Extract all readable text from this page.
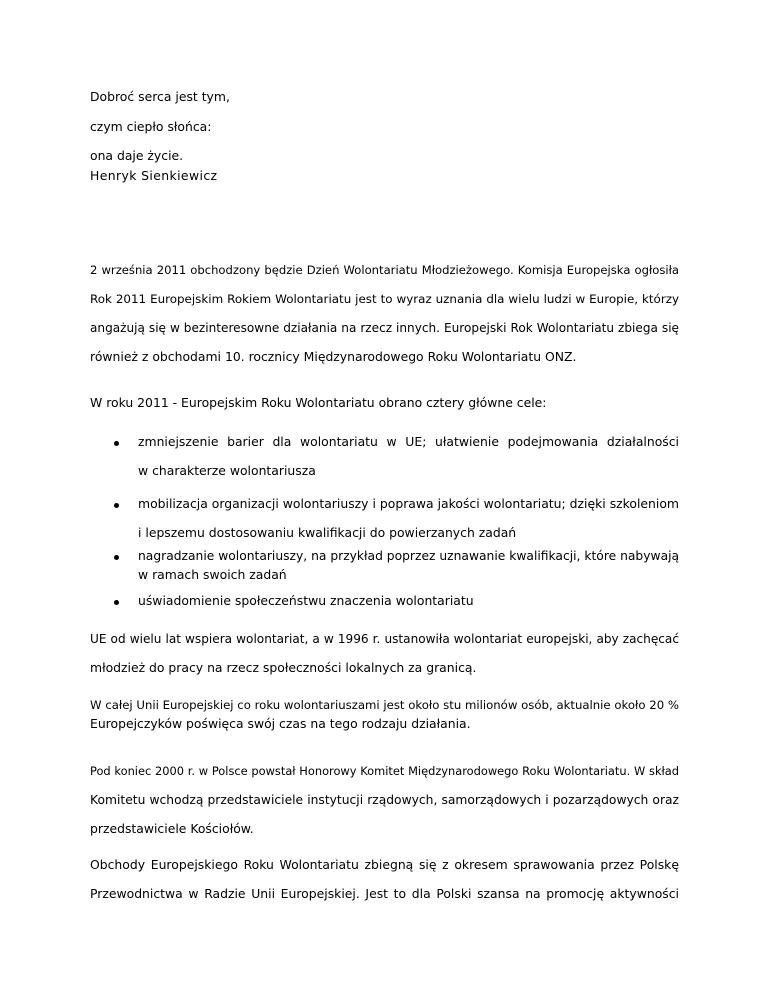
Dobroć serca jest tym,
czym ciepło słońca:
ona daje życie.
Henryk Sienkiewicz
2 września 2011 obchodzony będzie Dzień Wolontariatu Młodzieżowego. Komisja Europejska ogłosiła
Rok 2011 Europejskim Rokiem Wolontariatu jest to wyraz uznania dla wielu ludzi w Europie, którzy
angażują się w bezinteresowne działania na rzecz innych. Europejski Rok Wolontariatu zbiega się
również z obchodami 10. rocznicy Międzynarodowego Roku Wolontariatu ONZ.
W roku 2011 - Europejskim Roku Wolontariatu obrano cztery główne cele:
zmniejszenie barier dla wolontariatu w UE; ułatwienie podejmowania działalności
w charakterze wolontariusza
mobilizacja organizacji wolontariuszy i poprawa jakości wolontariatu; dzięki szkoleniom
i lepszemu dostosowaniu kwalifikacji do powierzanych zadań
nagradzanie wolontariuszy, na przykład poprzez uznawanie kwalifikacji, które nabywają
w ramach swoich zadań
uświadomienie społeczeństwu znaczenia wolontariatu
UE od wielu lat wspiera wolontariat, a w 1996 r. ustanowiła wolontariat europejski, aby zachęcać
młodzież do pracy na rzecz społeczności lokalnych za granicą.
W całej Unii Europejskiej co roku wolontariuszami jest około stu milionów osób, aktualnie około 20 %
Europejczyków poświęca swój czas na tego rodzaju działania.
Pod koniec 2000 r. w Polsce powstał Honorowy Komitet Międzynarodowego Roku Wolontariatu. W skład
Komitetu wchodzą przedstawiciele instytucji rządowych, samorządowych i pozarządowych oraz
przedstawiciele Kościołów.
Obchody Europejskiego Roku Wolontariatu zbiegną się z okresem sprawowania przez Polskę
Przewodnictwa w Radzie Unii Europejskiej. Jest to dla Polski szansa na promocję aktywności
